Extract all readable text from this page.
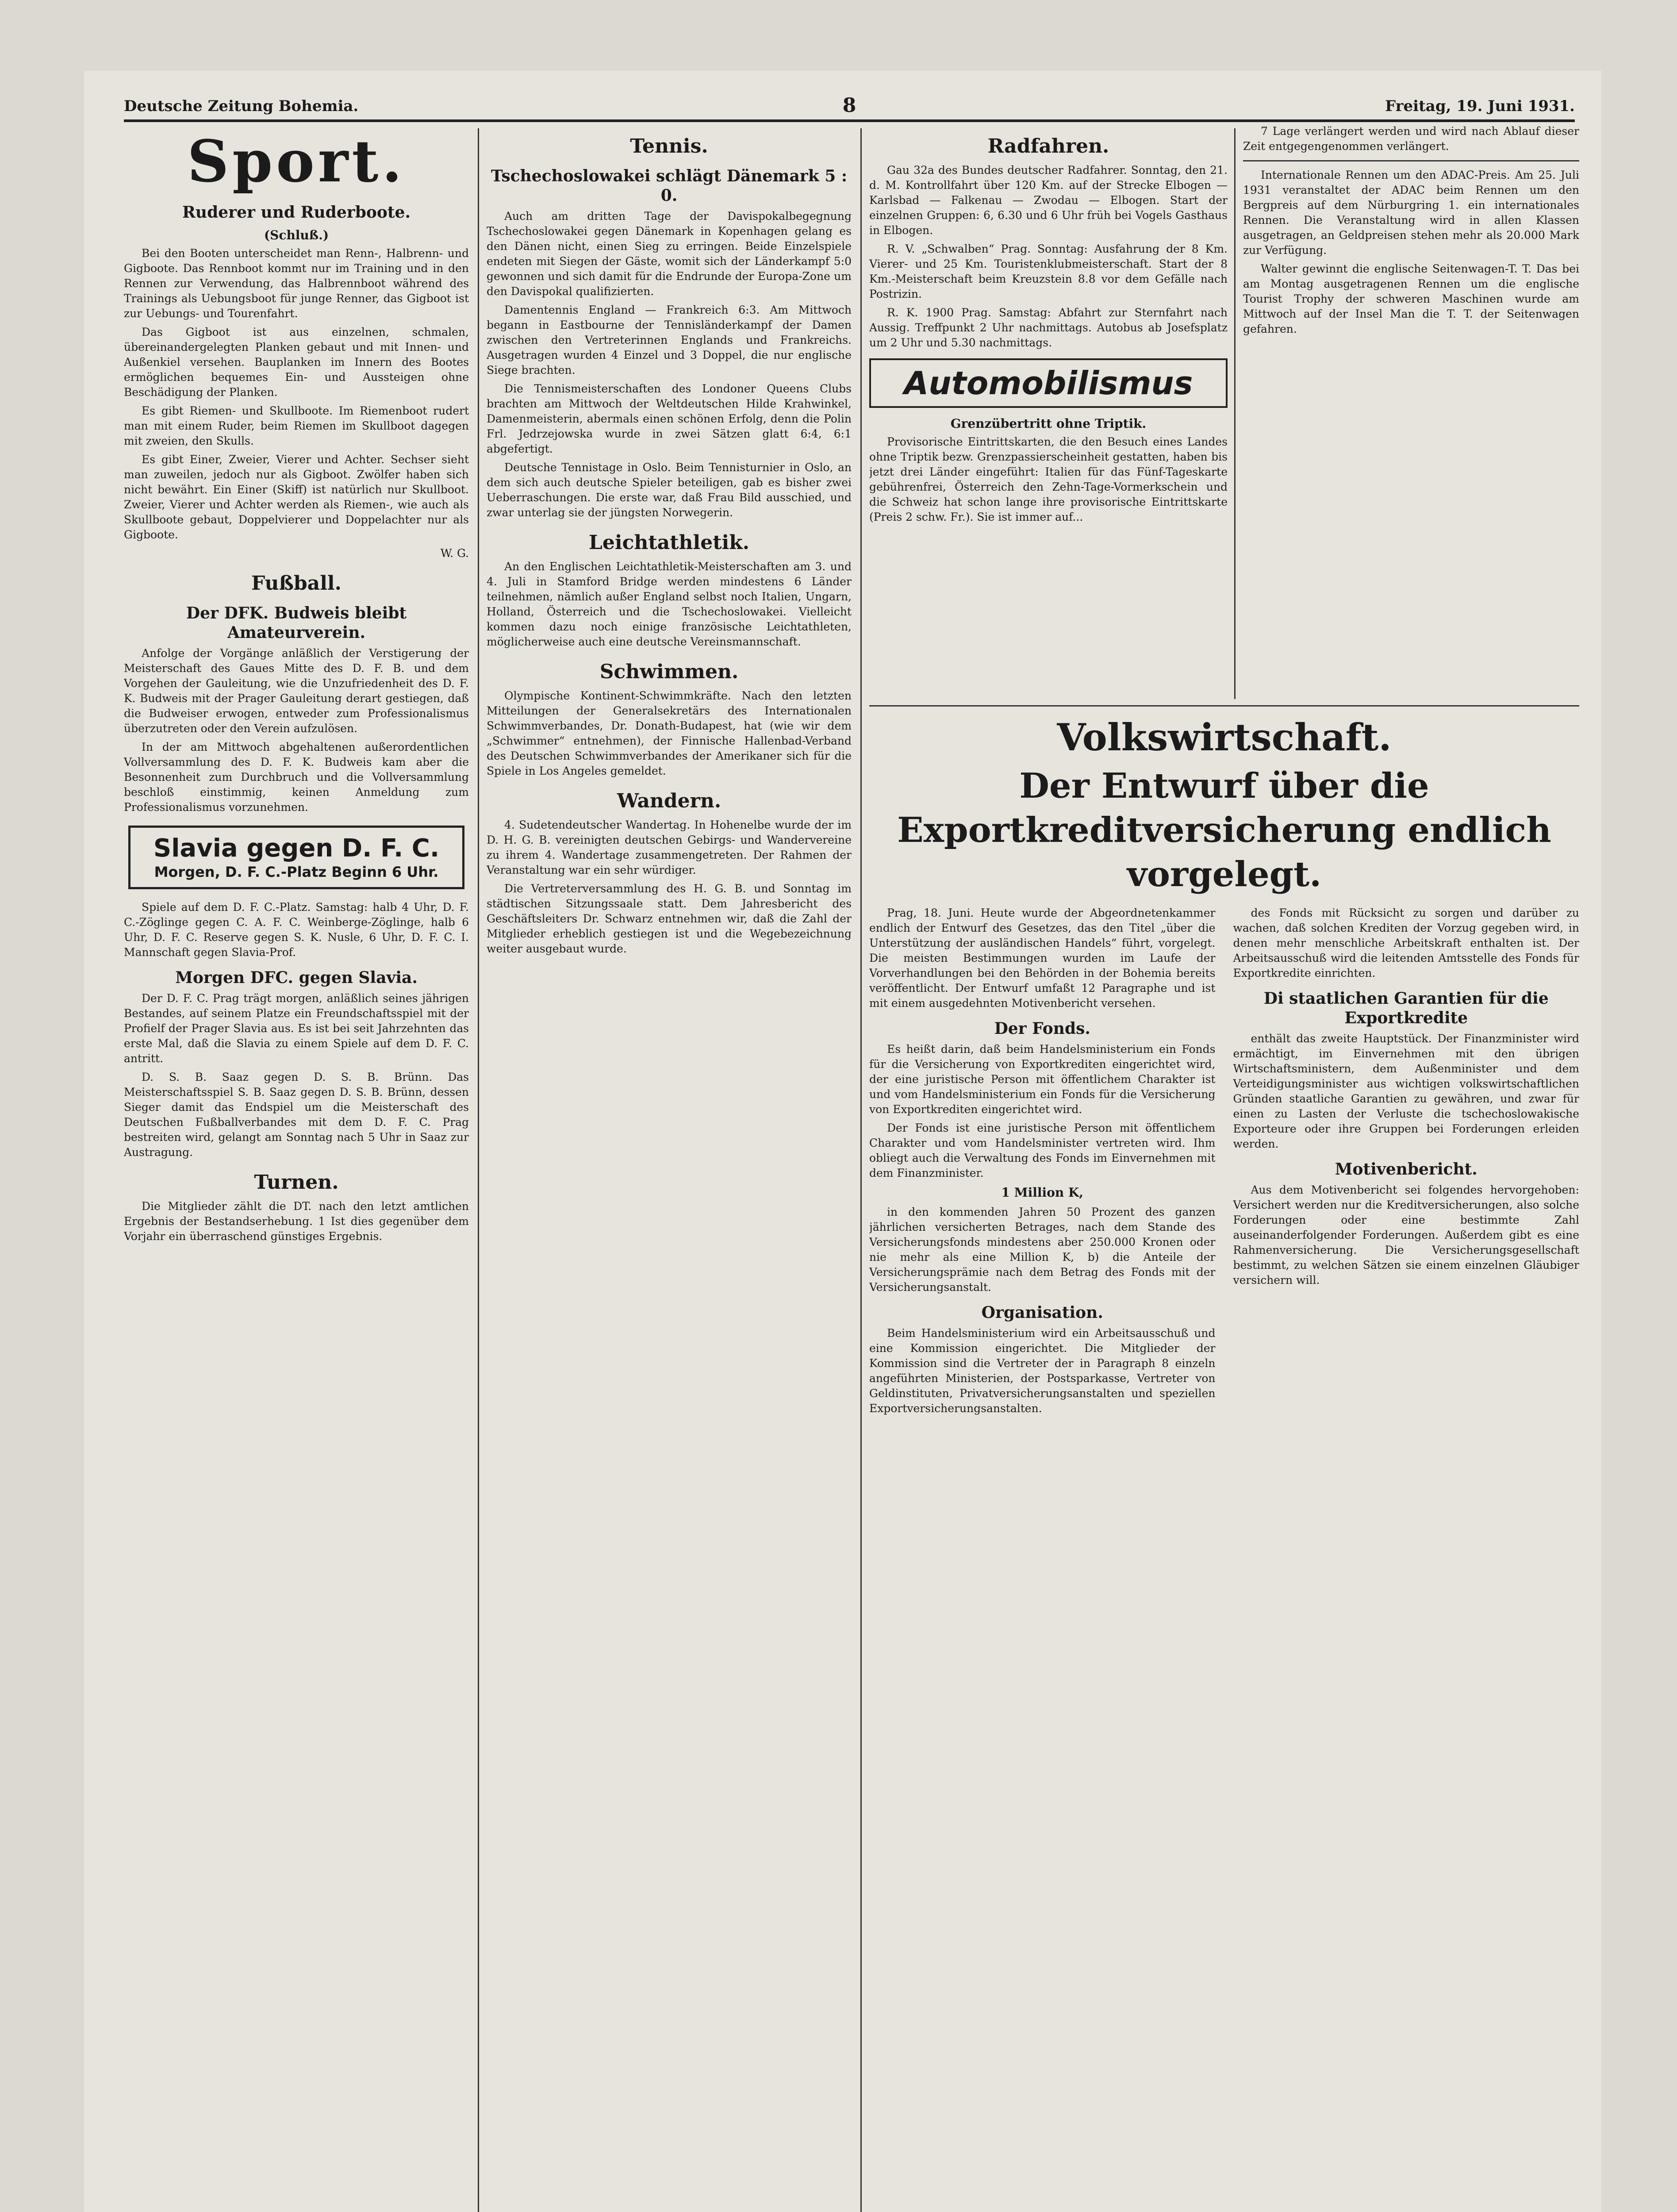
Deutsche Zeitung Bohemia.	8	Freitag, 19. Juni 1931.
Sport.
Ruderer und Ruderboote.
(Schluß.)

Bei den Booten unterscheidet man Renn-, Halbrenn- und Gigboote. Das Rennboot kommt nur im Training und in den Rennen zur Verwendung, das Halbrennboot während des Trainings als Uebungsboot für junge Renner, das Gigboot ist zur Uebungs- und Tourenfahrt.

Das Gigboot ist aus einzelnen, schmalen, übereinandergelegten Planken gebaut und mit Innen- und Außenkiel versehen. Bauplanken im Innern des Bootes ermöglichen bequemes Ein- und Aussteigen ohne Beschädigung der Planken.

Es gibt Riemen- und Skullboote. Im Riemenboot rudert man mit einem Ruder, beim Riemen im Skullboot dagegen mit zweien, den Skulls.

Es gibt Einer, Zweier, Vierer und Achter. Sechser sieht man zuweilen, jedoch nur als Gigboot. Zwölfer haben sich nicht bewährt. Ein Einer (Skiff) ist natürlich nur Skullboot. Zweier, Vierer und Achter werden als Riemen-, wie auch als Skullboote gebaut, Doppelvierer und Doppelachter nur als Gigboote.

W. G.

Fußball.
Der DFK. Budweis bleibt Amateurverein.

Anfolge der Vorgänge anläßlich der Verstigerung der Meisterschaft des Gaues Mitte des D. F. B. und dem Vorgehen der Gauleitung, wie die Unzufriedenheit des D. F. K. Budweis mit der Prager Gauleitung derart gestiegen, daß die Budweiser erwogen, entweder zum Professionalismus überzutreten oder den Verein aufzulösen.

In der am Mittwoch abgehaltenen außerordentlichen Vollversammlung des D. F. K. Budweis kam aber die Besonnenheit zum Durchbruch und die Vollversammlung beschloß einstimmig, keinen Anmeldung zum Professionalismus vorzunehmen.

Slavia gegen D. F. C.
Morgen, D. F. C.-Platz Beginn 6 Uhr.

Spiele auf dem D. F. C.-Platz. Samstag: halb 4 Uhr, D. F. C.-Zöglinge gegen C. A. F. C. Weinberge-Zöglinge, halb 6 Uhr, D. F. C. Reserve gegen S. K. Nusle, 6 Uhr, D. F. C. I. Mannschaft gegen Slavia-Prof.

Morgen DFC. gegen Slavia.

Der D. F. C. Prag trägt morgen, anläßlich seines jährigen Bestandes, auf seinem Platze ein Freundschaftsspiel mit der Profielf der Prager Slavia aus. Es ist bei seit Jahrzehnten das erste Mal, daß die Slavia zu einem Spiele auf dem D. F. C. antritt.

D. S. B. Saaz gegen D. S. B. Brünn. Das Meisterschaftsspiel S. B. Saaz gegen D. S. B. Brünn, dessen Sieger damit das Endspiel um die Meisterschaft des Deutschen Fußballverbandes mit dem D. F. C. Prag bestreiten wird, gelangt am Sonntag nach 5 Uhr in Saaz zur Austragung.

Turnen.

Die Mitglieder zählt die DT. nach den letzt amtlichen Ergebnis der Bestandserhebung. 1 Ist dies gegenüber dem Vorjahr ein überraschend günstiges Ergebnis.

Tennis.
Tschechoslowakei schlägt Dänemark 5 : 0.

Auch am dritten Tage der Davispokalbegegnung Tschechoslowakei gegen Dänemark in Kopenhagen gelang es den Dänen nicht, einen Sieg zu erringen. Beide Einzelspiele endeten mit Siegen der Gäste, womit sich der Länderkampf 5:0 gewonnen und sich damit für die Endrunde der Europa-Zone um den Davispokal qualifizierten.

Damentennis England — Frankreich 6:3. Am Mittwoch begann in Eastbourne der Tennisländerkampf der Damen zwischen den Vertreterinnen Englands und Frankreichs. Ausgetragen wurden 4 Einzel und 3 Doppel, die nur englische Siege brachten.

Die Tennismeisterschaften des Londoner Queens Clubs brachten am Mittwoch der Weltdeutschen Hilde Krahwinkel, Damenmeisterin, abermals einen schönen Erfolg, denn die Polin Frl. Jedrzejowska wurde in zwei Sätzen glatt 6:4, 6:1 abgefertigt.

Deutsche Tennistage in Oslo. Beim Tennisturnier in Oslo, an dem sich auch deutsche Spieler beteiligen, gab es bisher zwei Ueberraschungen. Die erste war, daß Frau Bild ausschied, und zwar unterlag sie der jüngsten Norwegerin.

Leichtathletik.

An den Englischen Leichtathletik-Meisterschaften am 3. und 4. Juli in Stamford Bridge werden mindestens 6 Länder teilnehmen, nämlich außer England selbst noch Italien, Ungarn, Holland, Österreich und die Tschechoslowakei. Vielleicht kommen dazu noch einige französische Leichtathleten, möglicherweise auch eine deutsche Vereinsmannschaft.

Schwimmen.

Olympische Kontinent-Schwimmkräfte. Nach den letzten Mitteilungen der Generalsekretärs des Internationalen Schwimmverbandes, Dr. Donath-Budapest, hat (wie wir dem „Schwimmer“ entnehmen), der Finnische Hallenbad-Verband des Deutschen Schwimmverbandes der Amerikaner sich für die Spiele in Los Angeles gemeldet.

Wandern.

4. Sudetendeutscher Wandertag. In Hohenelbe wurde der im D. H. G. B. vereinigten deutschen Gebirgs- und Wandervereine zu ihrem 4. Wandertage zusammengetreten. Der Rahmen der Veranstaltung war ein sehr würdiger.

Die Vertreterversammlung des H. G. B. und Sonntag im städtischen Sitzungssaale statt. Dem Jahresbericht des Geschäftsleiters Dr. Schwarz entnehmen wir, daß die Zahl der Mitglieder erheblich gestiegen ist und die Wegebezeichnung weiter ausgebaut wurde.

Radfahren.

Gau 32a des Bundes deutscher Radfahrer. Sonntag, den 21. d. M. Kontrollfahrt über 120 Km. auf der Strecke Elbogen — Karlsbad — Falkenau — Zwodau — Elbogen. Start der einzelnen Gruppen: 6, 6.30 und 6 Uhr früh bei Vogels Gasthaus in Elbogen.

R. V. „Schwalben“ Prag. Sonntag: Ausfahrung der 8 Km. Vierer- und 25 Km. Touristenklubmeisterschaft. Start der 8 Km.-Meisterschaft beim Kreuzstein 8.8 vor dem Gefälle nach Postrizin.

R. K. 1900 Prag. Samstag: Abfahrt zur Sternfahrt nach Aussig. Treffpunkt 2 Uhr nachmittags. Autobus ab Josefsplatz um 2 Uhr und 5.30 nachmittags.

Automobilismus
Grenzübertritt ohne Triptik.

Provisorische Eintrittskarten, die den Besuch eines Landes ohne Triptik bezw. Grenzpassierscheinheit gestatten, haben bis jetzt drei Länder eingeführt: Italien für das Fünf-Tageskarte gebührenfrei, Österreich den Zehn-Tage-Vormerkschein und die Schweiz hat schon lange ihre provisorische Eintrittskarte (Preis 2 schw. Fr.). Sie ist immer auf...

7 Lage verlängert werden und wird nach Ablauf dieser Zeit entgegengenommen verlängert.

Internationale Rennen um den ADAC-Preis. Am 25. Juli 1931 veranstaltet der ADAC beim Rennen um den Bergpreis auf dem Nürburgring 1. ein internationales Rennen. Die Veranstaltung wird in allen Klassen ausgetragen, an Geldpreisen stehen mehr als 20.000 Mark zur Verfügung.

Walter gewinnt die englische Seitenwagen-T. T. Das bei am Montag ausgetragenen Rennen um die englische Tourist Trophy der schweren Maschinen wurde am Mittwoch auf der Insel Man die T. T. der Seitenwagen gefahren.

Volkswirtschaft.
Der Entwurf über die Exportkreditversicherung endlich vorgelegt.

Prag, 18. Juni. Heute wurde der Abgeordnetenkammer endlich der Entwurf des Gesetzes, das den Titel „über die Unterstützung der ausländischen Handels“ führt, vorgelegt. Die meisten Bestimmungen wurden im Laufe der Vorverhandlungen bei den Behörden in der Bohemia bereits veröffentlicht. Der Entwurf umfaßt 12 Paragraphe und ist mit einem ausgedehnten Motivenbericht versehen.

Der Fonds.

Es heißt darin, daß beim Handelsministerium ein Fonds für die Versicherung von Exportkrediten eingerichtet wird, der eine juristische Person mit öffentlichem Charakter ist und vom Handelsministerium ein Fonds für die Versicherung von Exportkrediten eingerichtet wird.

Der Fonds ist eine juristische Person mit öffentlichem Charakter und vom Handelsminister vertreten wird. Ihm obliegt auch die Verwaltung des Fonds im Einvernehmen mit dem Finanzminister.

1 Million K,

in den kommenden Jahren 50 Prozent des ganzen jährlichen versicherten Betrages, nach dem Stande des Versicherungsfonds mindestens aber 250.000 Kronen oder nie mehr als eine Million K, b) die Anteile der Versicherungsprämie nach dem Betrag des Fonds mit der Versicherungsanstalt.

Organisation.

Beim Handelsministerium wird ein Arbeitsausschuß und eine Kommission eingerichtet. Die Mitglieder der Kommission sind die Vertreter der in Paragraph 8 einzeln angeführten Ministerien, der Postsparkasse, Vertreter von Geldinstituten, Privatversicherungsanstalten und speziellen Exportversicherungsanstalten.

des Fonds mit Rücksicht zu sorgen und darüber zu wachen, daß solchen Krediten der Vorzug gegeben wird, in denen mehr menschliche Arbeitskraft enthalten ist. Der Arbeitsausschuß wird die leitenden Amtsstelle des Fonds für Exportkredite einrichten.

Di staatlichen Garantien für die Exportkredite

enthält das zweite Hauptstück. Der Finanzminister wird ermächtigt, im Einvernehmen mit den übrigen Wirtschaftsministern, dem Außenminister und dem Verteidigungsminister aus wichtigen volkswirtschaftlichen Gründen staatliche Garantien zu gewähren, und zwar für einen zu Lasten der Verluste die tschechoslowakische Exporteure oder ihre Gruppen bei Forderungen erleiden werden.

Motivenbericht.

Aus dem Motivenbericht sei folgendes hervorgehoben: Versichert werden nur die Kreditversicherungen, also solche Forderungen oder eine bestimmte Zahl auseinanderfolgender Forderungen. Außerdem gibt es eine Rahmenversicherung. Die Versicherungsgesellschaft bestimmt, zu welchen Sätzen sie einem einzelnen Gläubiger versichern will.
